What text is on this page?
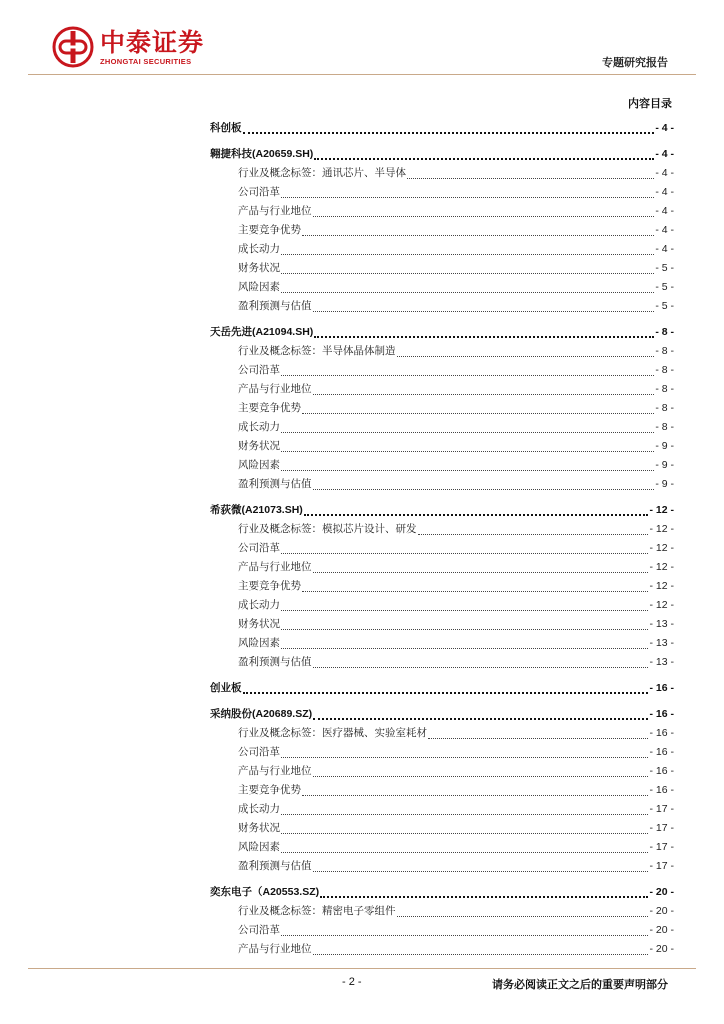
中泰证券
ZHONGTAI SECURITIES	专题研究报告
内容目录
科创板	- 4 -
翱捷科技(A20659.SH)	- 4 -
行业及概念标签：通讯芯片、半导体	- 4 -
公司沿革	- 4 -
产品与行业地位	- 4 -
主要竞争优势	- 4 -
成长动力	- 4 -
财务状况	- 5 -
风险因素	- 5 -
盈利预测与估值	- 5 -
天岳先进(A21094.SH)	- 8 -
行业及概念标签：半导体晶体制造	- 8 -
公司沿革	- 8 -
产品与行业地位	- 8 -
主要竞争优势	- 8 -
成长动力	- 8 -
财务状况	- 9 -
风险因素	- 9 -
盈利预测与估值	- 9 -
希荻微(A21073.SH)	- 12 -
行业及概念标签：模拟芯片设计、研发	- 12 -
公司沿革	- 12 -
产品与行业地位	- 12 -
主要竞争优势	- 12 -
成长动力	- 12 -
财务状况	- 13 -
风险因素	- 13 -
盈利预测与估值	- 13 -
创业板	- 16 -
采纳股份(A20689.SZ)	- 16 -
行业及概念标签：医疗器械、实验室耗材	- 16 -
公司沿革	- 16 -
产品与行业地位	- 16 -
主要竞争优势	- 16 -
成长动力	- 17 -
财务状况	- 17 -
风险因素	- 17 -
盈利预测与估值	- 17 -
奕东电子（A20553.SZ)	- 20 -
行业及概念标签：精密电子零组件	- 20 -
公司沿革	- 20 -
产品与行业地位	- 20 -
- 2 -	请务必阅读正文之后的重要声明部分
